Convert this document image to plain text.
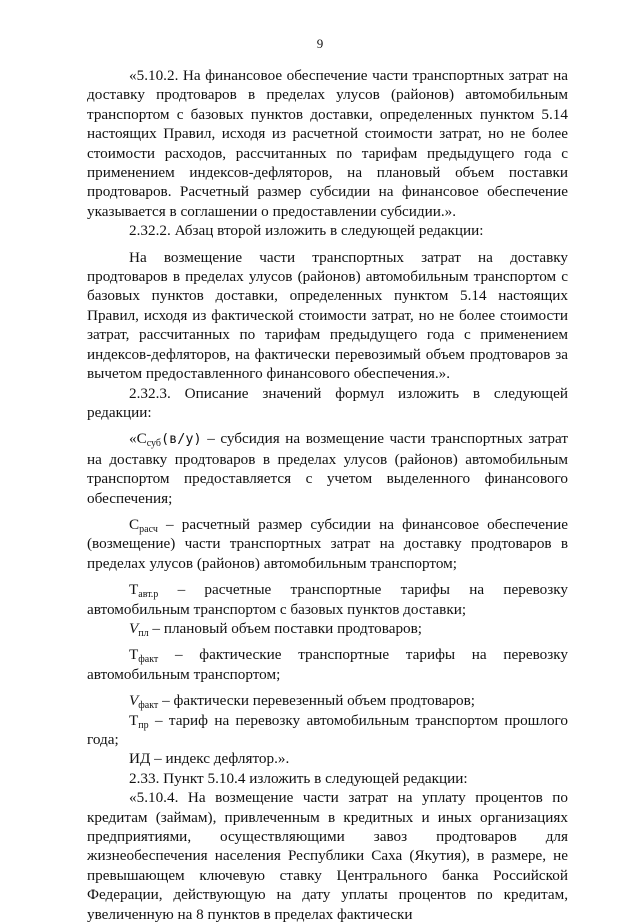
9

«5.10.2. На финансовое обеспечение части транспортных затрат на доставку продтоваров в пределах улусов (районов) автомобильным транспортом с базовых пунктов доставки, определенных пунктом 5.14 настоящих Правил, исходя из расчетной стоимости затрат, но не более стоимости расходов, рассчитанных по тарифам предыдущего года с применением индексов-дефляторов, на плановый объем поставки продтоваров. Расчетный размер субсидии на финансовое обеспечение указывается в соглашении о предоставлении субсидии.».

2.32.2. Абзац второй изложить в следующей редакции:

На возмещение части транспортных затрат на доставку продтоваров в пределах улусов (районов) автомобильным транспортом с базовых пунктов доставки, определенных пунктом 5.14 настоящих Правил, исходя из фактической стоимости затрат, но не более стоимости затрат, рассчитанных по тарифам предыдущего года с применением индексов-дефляторов, на фактически перевозимый объем продтоваров за вычетом предоставленного финансового обеспечения.».

2.32.3. Описание значений формул изложить в следующей редакции:

«$С_{суб}(в/у)$ – субсидия на возмещение части транспортных затрат на доставку продтоваров в пределах улусов (районов) автомобильным транспортом предоставляется с учетом выделенного финансового обеспечения;

$С_{расч}$ – расчетный размер субсидии на финансовое обеспечение (возмещение) части транспортных затрат на доставку продтоваров в пределах улусов (районов) автомобильным транспортом;

$Т_{авт.р}$ – расчетные транспортные тарифы на перевозку автомобильным транспортом с базовых пунктов доставки;

$V_{пл}$ – плановый объем поставки продтоваров;

$Т_{факт}$ – фактические транспортные тарифы на перевозку автомобильным транспортом;

$V_{факт}$ – фактически перевезенный объем продтоваров;

$Т_{пр}$ – тариф на перевозку автомобильным транспортом прошлого года;

ИД – индекс дефлятор.».

2.33. Пункт 5.10.4 изложить в следующей редакции:

«5.10.4. На возмещение части затрат на уплату процентов по кредитам (займам), привлеченным в кредитных и иных организациях предприятиями, осуществляющими завоз продтоваров для жизнеобеспечения населения Республики Саха (Якутия), в размере, не превышающем ключевую ставку Центрального банка Российской Федерации, действующую на дату уплаты процентов по кредитам, увеличенную на 8 пунктов в пределах фактически
